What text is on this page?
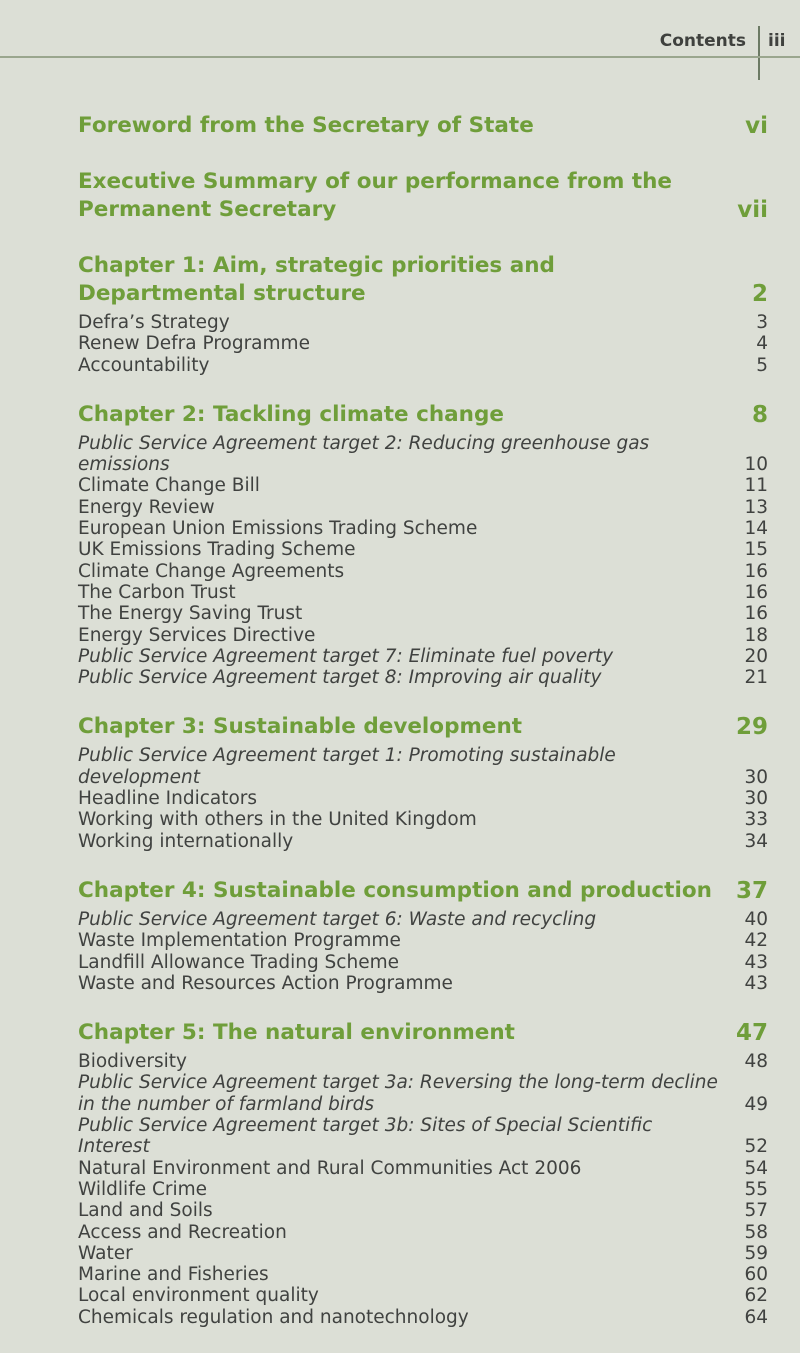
Contents iii
Foreword from the Secretary of State	vi
Executive Summary of our performance from the Permanent Secretary	vii
Chapter 1: Aim, strategic priorities and Departmental structure	2
Defra’s Strategy	3
Renew Defra Programme	4
Accountability	5
Chapter 2: Tackling climate change	8
Public Service Agreement target 2: Reducing greenhouse gas emissions	10
Climate Change Bill	11
Energy Review	13
European Union Emissions Trading Scheme	14
UK Emissions Trading Scheme	15
Climate Change Agreements	16
The Carbon Trust	16
The Energy Saving Trust	16
Energy Services Directive	18
Public Service Agreement target 7: Eliminate fuel poverty	20
Public Service Agreement target 8: Improving air quality	21
Chapter 3: Sustainable development	29
Public Service Agreement target 1: Promoting sustainable development	30
Headline Indicators	30
Working with others in the United Kingdom	33
Working internationally	34
Chapter 4: Sustainable consumption and production 37
Public Service Agreement target 6: Waste and recycling	40
Waste Implementation Programme	42
Landfill Allowance Trading Scheme	43
Waste and Resources Action Programme	43
Chapter 5: The natural environment	47
Biodiversity	48
Public Service Agreement target 3a: Reversing the long-term decline in the number of farmland birds	49
Public Service Agreement target 3b: Sites of Special Scientific Interest	52
Natural Environment and Rural Communities Act 2006	54
Wildlife Crime	55
Land and Soils	57
Access and Recreation	58
Water	59
Marine and Fisheries	60
Local environment quality	62
Chemicals regulation and nanotechnology	64
